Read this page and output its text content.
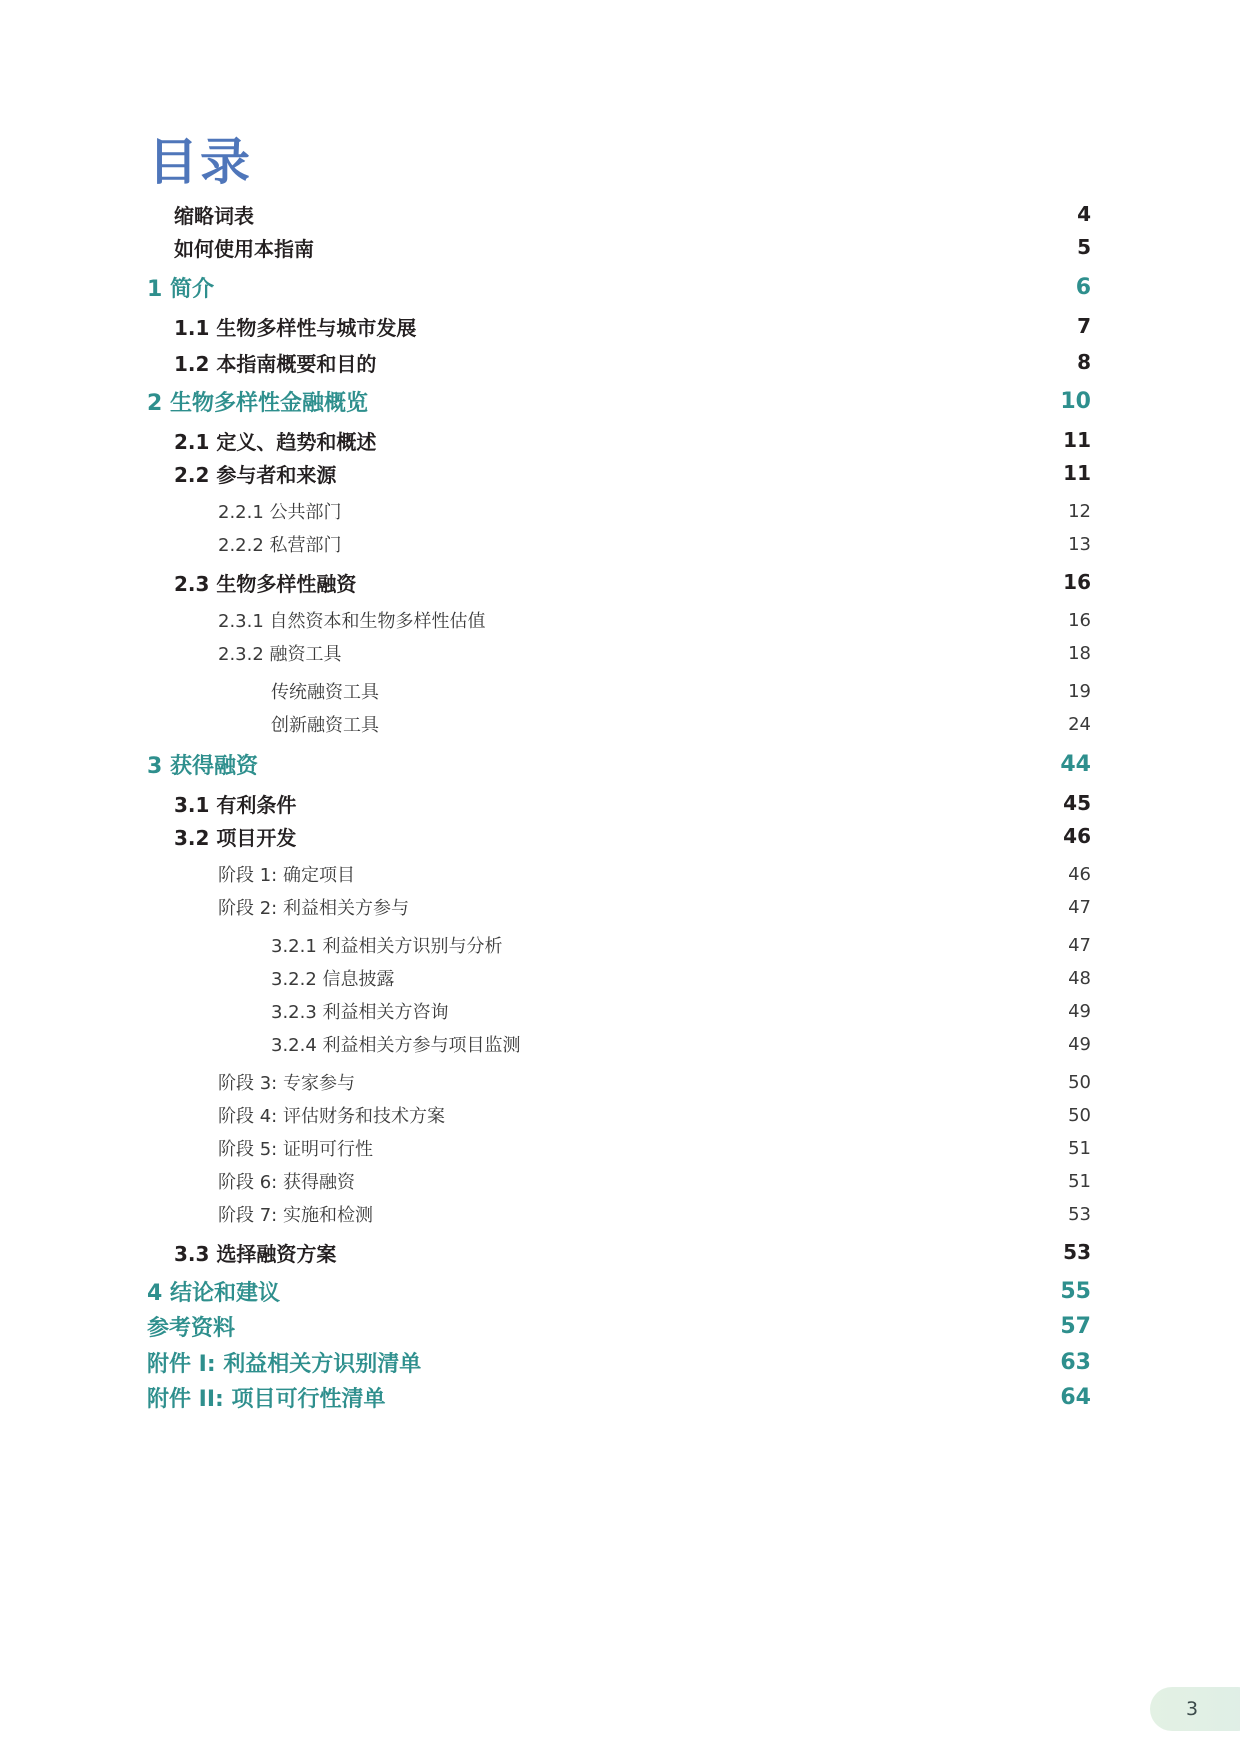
目录
缩略词表	4
如何使用本指南	5
1 简介	6
1.1 生物多样性与城市发展	7
1.2 本指南概要和目的	8
2 生物多样性金融概览	10
2.1 定义、趋势和概述	11
2.2 参与者和来源	11
2.2.1 公共部门	12
2.2.2 私营部门	13
2.3 生物多样性融资	16
2.3.1 自然资本和生物多样性估值	16
2.3.2 融资工具	18
传统融资工具	19
创新融资工具	24
3 获得融资	44
3.1 有利条件	45
3.2 项目开发	46
阶段 1: 确定项目	46
阶段 2: 利益相关方参与	47
3.2.1 利益相关方识别与分析	47
3.2.2 信息披露	48
3.2.3 利益相关方咨询	49
3.2.4 利益相关方参与项目监测	49
阶段 3: 专家参与	50
阶段 4: 评估财务和技术方案	50
阶段 5: 证明可行性	51
阶段 6: 获得融资	51
阶段 7: 实施和检测	53
3.3 选择融资方案	53
4 结论和建议	55
参考资料	57
附件 I: 利益相关方识别清单	63
附件 II: 项目可行性清单	64
3
